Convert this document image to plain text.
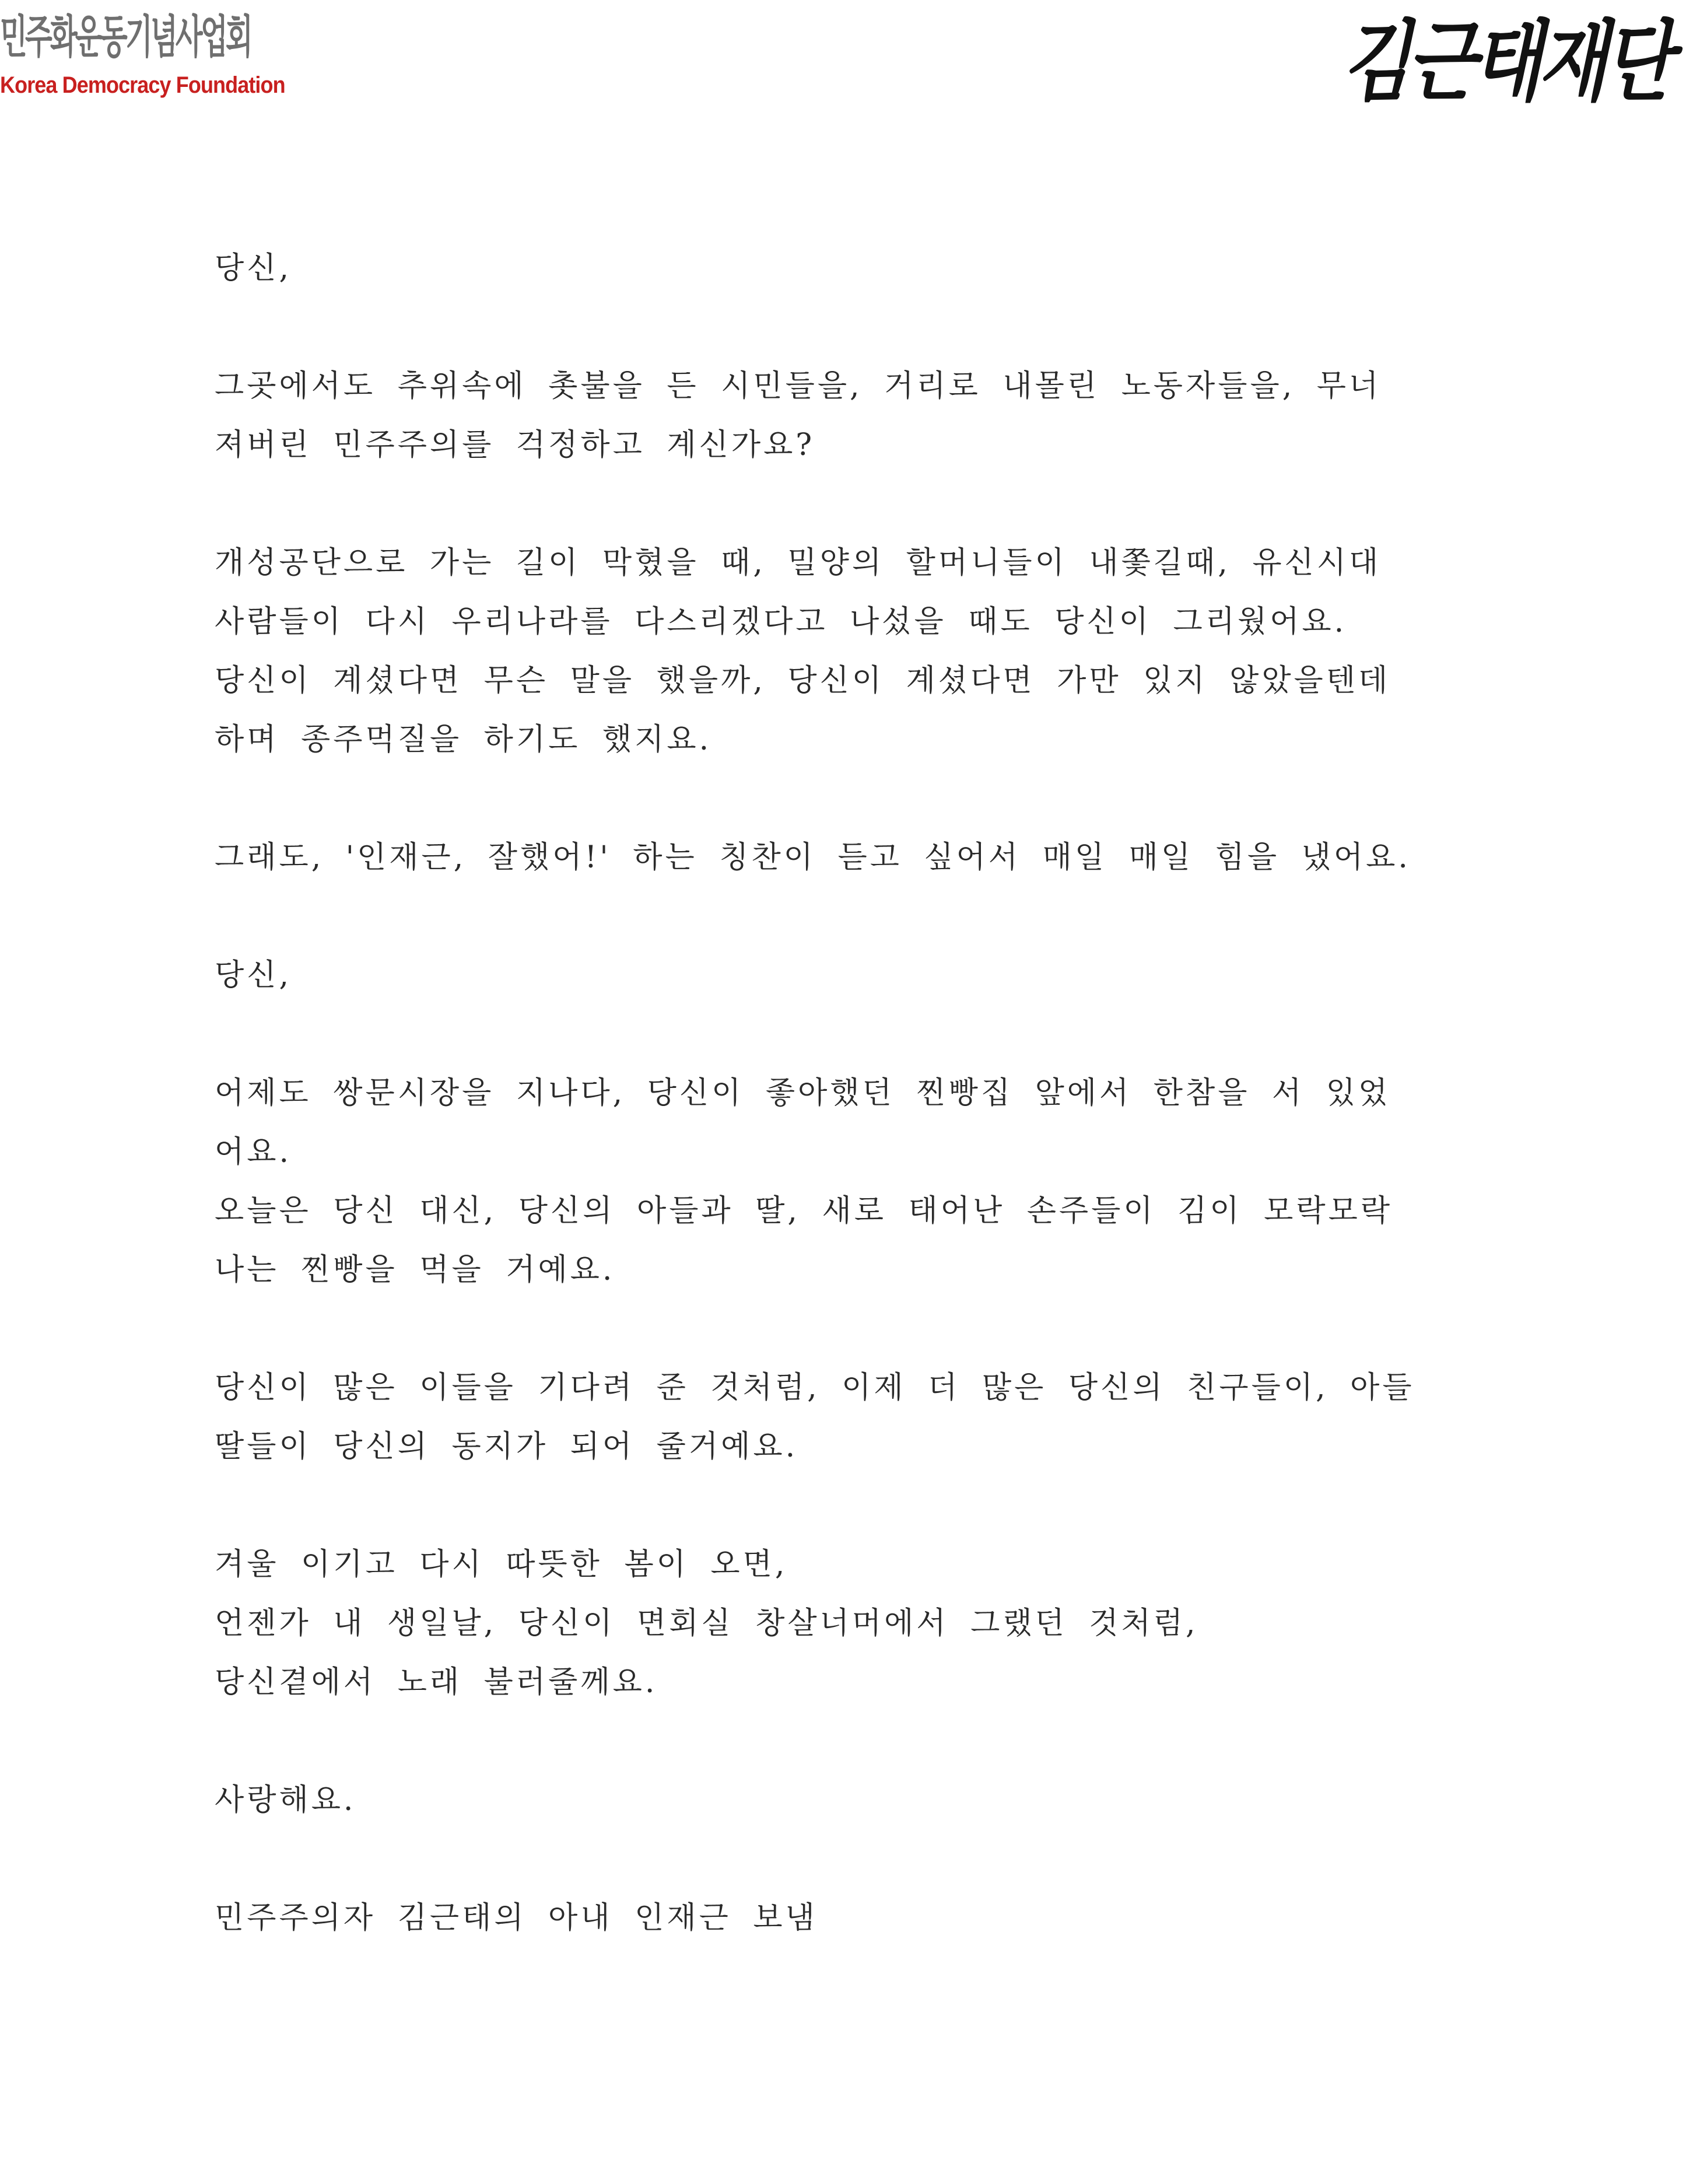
민주화운동기념사업회
Korea Democracy Foundation	김근태재단
당신,
그곳에서도 추위속에 촛불을 든 시민들을, 거리로 내몰린 노동자들을, 무너
져버린 민주주의를 걱정하고 계신가요?
개성공단으로 가는 길이 막혔을 때, 밀양의 할머니들이 내쫓길때, 유신시대
사람들이 다시 우리나라를 다스리겠다고 나섰을 때도 당신이 그리웠어요.
당신이 계셨다면 무슨 말을 했을까, 당신이 계셨다면 가만 있지 않았을텐데
하며 종주먹질을 하기도 했지요.
그래도, '인재근, 잘했어!' 하는 칭찬이 듣고 싶어서 매일 매일 힘을 냈어요.
당신,
어제도 쌍문시장을 지나다, 당신이 좋아했던 찐빵집 앞에서 한참을 서 있었
어요.
오늘은 당신 대신, 당신의 아들과 딸, 새로 태어난 손주들이 김이 모락모락
나는 찐빵을 먹을 거예요.
당신이 많은 이들을 기다려 준 것처럼, 이제 더 많은 당신의 친구들이, 아들
딸들이 당신의 동지가 되어 줄거예요.
겨울 이기고 다시 따뜻한 봄이 오면,
언젠가 내 생일날, 당신이 면회실 창살너머에서 그랬던 것처럼,
당신곁에서 노래 불러줄께요.
사랑해요.
민주주의자 김근태의 아내 인재근 보냄
